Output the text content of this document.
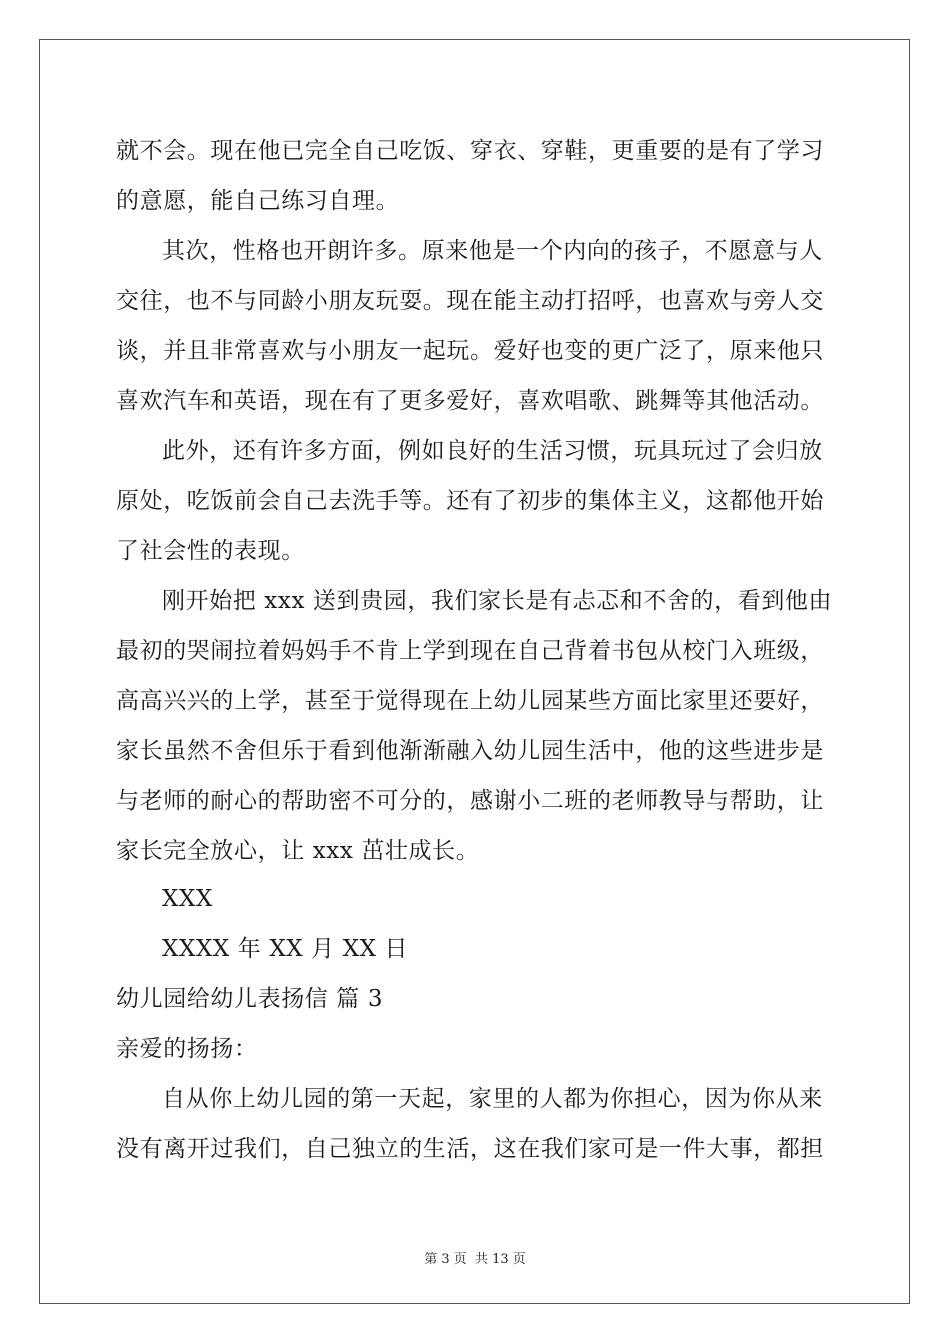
就不会。现在他已完全自己吃饭、穿衣、穿鞋，更重要的是有了学习
的意愿，能自己练习自理。
其次，性格也开朗许多。原来他是一个内向的孩子，不愿意与人
交往，也不与同龄小朋友玩耍。现在能主动打招呼，也喜欢与旁人交
谈，并且非常喜欢与小朋友一起玩。爱好也变的更广泛了，原来他只
喜欢汽车和英语，现在有了更多爱好，喜欢唱歌、跳舞等其他活动。
此外，还有许多方面，例如良好的生活习惯，玩具玩过了会归放
原处，吃饭前会自己去洗手等。还有了初步的集体主义，这都他开始
了社会性的表现。
刚开始把 xxx 送到贵园，我们家长是有忐忑和不舍的，看到他由
最初的哭闹拉着妈妈手不肯上学到现在自己背着书包从校门入班级，
高高兴兴的上学，甚至于觉得现在上幼儿园某些方面比家里还要好，
家长虽然不舍但乐于看到他渐渐融入幼儿园生活中，他的这些进步是
与老师的耐心的帮助密不可分的，感谢小二班的老师教导与帮助，让
家长完全放心，让 xxx 茁壮成长。
XXX
XXXX 年 XX 月 XX 日
幼儿园给幼儿表扬信 篇 3
亲爱的扬扬：
自从你上幼儿园的第一天起，家里的人都为你担心，因为你从来
没有离开过我们，自己独立的生活，这在我们家可是一件大事，都担
第 3 页 共 13 页
